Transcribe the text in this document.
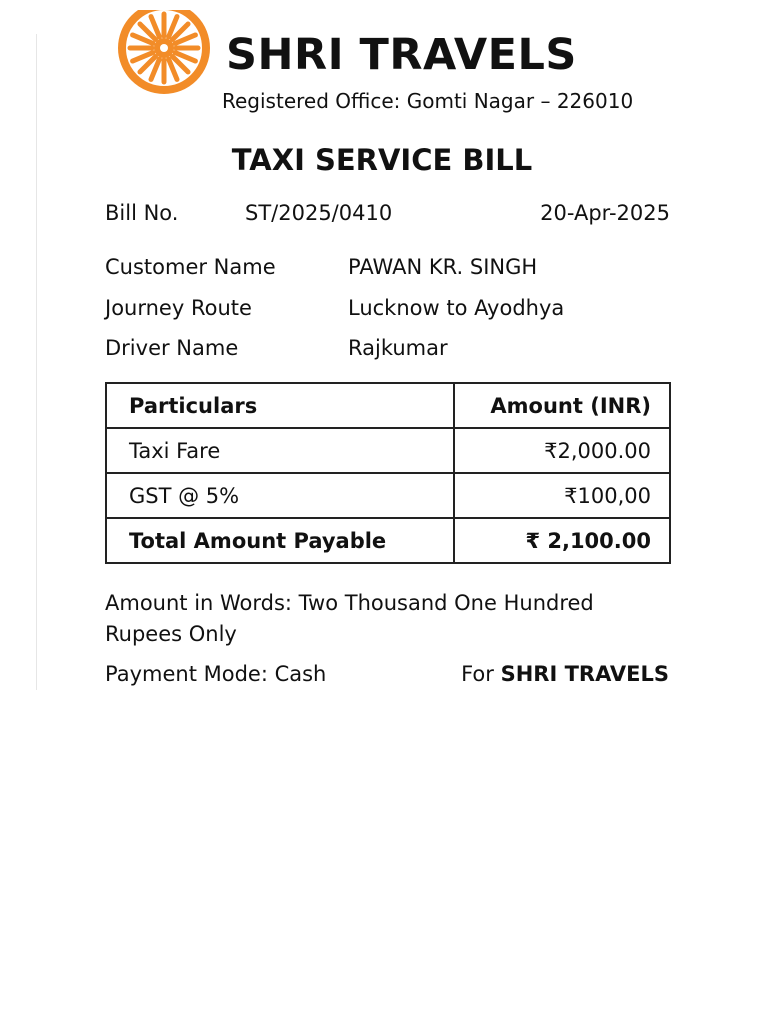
SHRI TRAVELS
Registered Office: Gomti Nagar – 226010
TAXI SERVICE BILL
Bill No.	ST/2025/0410	20-Apr-2025
Customer Name	PAWAN KR. SINGH
Journey Route	Lucknow to Ayodhya
Driver Name	Rajkumar
Particulars	Amount (INR)
Taxi Fare	₹2,000.00
GST @ 5%	₹100,00
Total Amount Payable	₹ 2,100.00
Amount in Words: Two Thousand One Hundred Rupees Only
Payment Mode: Cash	For SHRI TRAVELS
